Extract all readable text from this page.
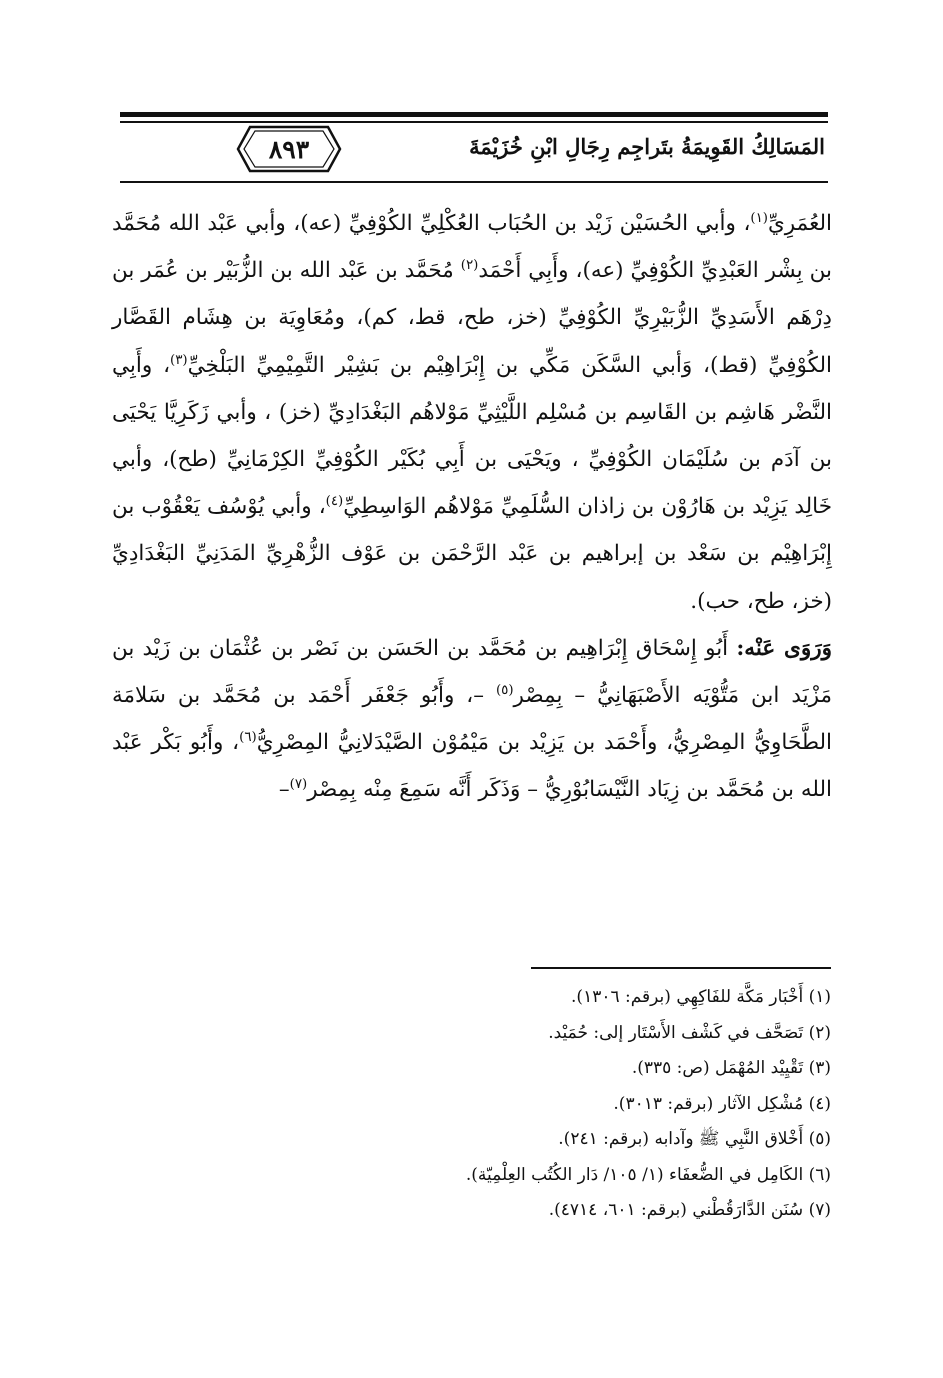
٨٩٣	المَسَالِكُ القَوِيمَةُ بتَراجِم رِجَالِ ابْنِ خُزَيْمَةَ

العُمَرِيِّ$^{(١)}$، وأبي الحُسَيْن زَيْد بن الحُبَاب العُكْلِيِّ الكُوْفِيِّ (عه)، وأبي عَبْد الله مُحَمَّد بن بِشْر العَبْدِيِّ الكُوْفِيِّ (عه)، وأَبِي أَحْمَد$^{(٢)}$ مُحَمَّد بن عَبْد الله بن الزُّبَيْر بن عُمَر بن دِرْهَم الأَسَدِيِّ الزُّبَيْرِيِّ الكُوْفِيِّ (خز، طح، قط، كم)، ومُعَاوِيَة بن هِشَام القَصَّار الكُوْفِيِّ (قط)، وَأبي السَّكَن مَكِّي بن إِبْرَاهِيْم بن بَشِيْر التَّمِيْمِيِّ البَلْخِيِّ$^{(٣)}$، وأَبِي النَّضْر هَاشِم بن القَاسِم بن مُسْلِم اللَّيْثِيِّ مَوْلاهُم البَغْدَادِيِّ (خز) ، وأبي زَكَرِيَّا يَحْيَى بن آدَم بن سُلَيْمَان الكُوْفِيِّ ، ويَحْيَى بن أَبِي بُكَيْر الكُوْفِيِّ الكِرْمَانِيِّ (طح)، وأبي خَالِد يَزِيْد بن هَارُوْن بن زاذان السُّلَمِيِّ مَوْلاهُم الوَاسِطِيِّ$^{(٤)}$، وأبي يُوْسُف يَعْقُوْب بن إِبْرَاهِيْم بن سَعْد بن إبراهيم بن عَبْد الرَّحْمَن بن عَوْف الزُّهْرِيِّ المَدَنِيِّ البَغْدَادِيِّ (خز، طح، حب).

وَرَوَى عَنْه: أَبُو إِسْحَاق إِبْرَاهِيم بن مُحَمَّد بن الحَسَن بن نَصْر بن عُثْمَان بن زَيْد بن مَزْيَد ابن مَتُّوْيَه الأَصْبَهَانِيُّ – بِمِصْر$^{(٥)}$ –، وأَبُو جَعْفَر أَحْمَد بن مُحَمَّد بن سَلامَة الطَّحَاوِيُّ المِصْرِيُّ، وأَحْمَد بن يَزِيْد بن مَيْمُوْن الصَّيْدَلانِيُّ المِصْرِيُّ$^{(٦)}$، وأَبُو بَكْر عَبْد الله بن مُحَمَّد بن زِيَاد النَّيْسَابُوْرِيُّ – وَذَكَر أَنَّه سَمِعَ مِنْه بِمِصْر$^{(٧)}$–

(١) أَخْبَار مَكَّة للفَاكِهِي (برقم: ١٣٠٦).
(٢) تَصَحَّف في كَشْف الأَسْتَار إلى: حُمَيْد.
(٣) تَقْيِيْد المُهْمَل (ص: ٣٣٥).
(٤) مُشْكِل الآثار (برقم: ٣٠١٣).
(٥) أَخْلاق النَّبِي ﷺ وآدابه (برقم: ٢٤١).
(٦) الكَامِل في الضُّعفَاء (١/ ١٠٥/ دَار الكُتُب العِلْمِيّة).
(٧) سُنَن الدَّارَقُطْني (برقم: ٦٠١، ٤٧١٤).
